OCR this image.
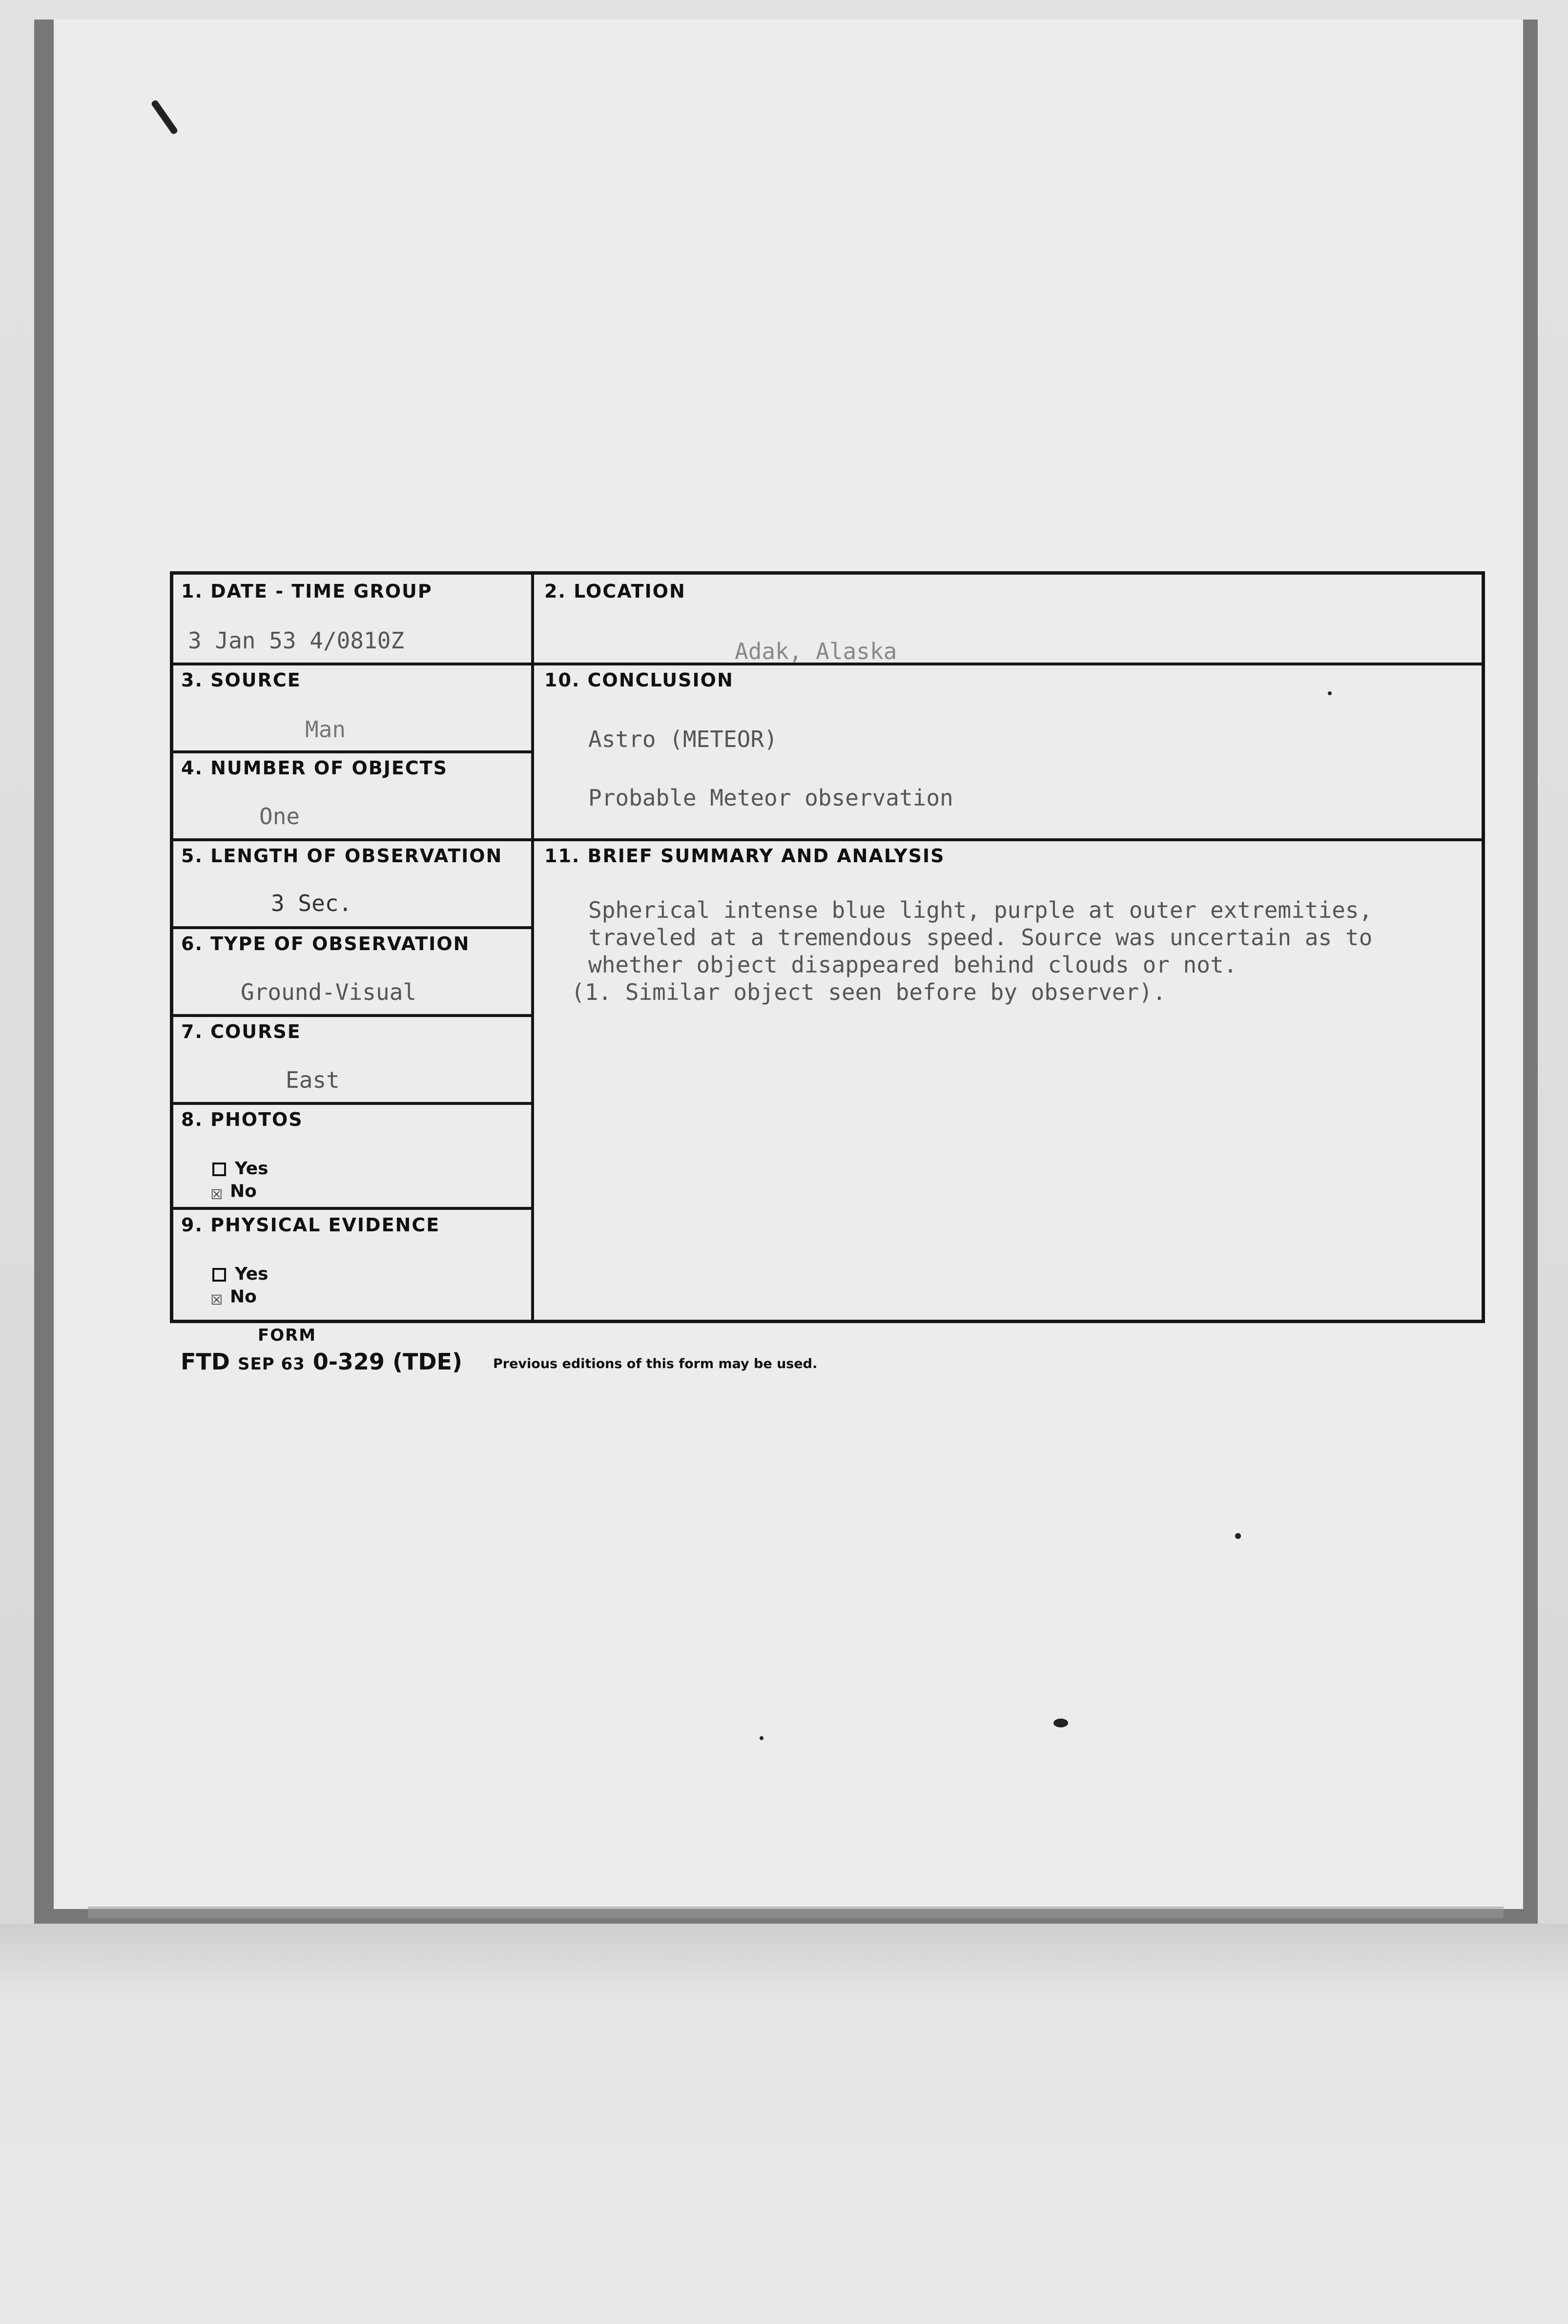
1. DATE - TIME GROUP
3 Jan 53 4/0810Z
2. LOCATION
Adak, Alaska
3. SOURCE
Man
4. NUMBER OF OBJECTS
One
10. CONCLUSION
Astro (METEOR)
Probable Meteor observation
5. LENGTH OF OBSERVATION
3 Sec.
6. TYPE OF OBSERVATION
Ground-Visual
7. COURSE
East
8. PHOTOS
Yes
☒ No
9. PHYSICAL EVIDENCE
Yes
☒ No
11. BRIEF SUMMARY AND ANALYSIS
Spherical intense blue light, purple at outer extremities,
traveled at a tremendous speed. Source was uncertain as to
whether object disappeared behind clouds or not.
(1. Similar object seen before by observer).
FORM
FTD SEP 63 0-329 (TDE) Previous editions of this form may be used.
